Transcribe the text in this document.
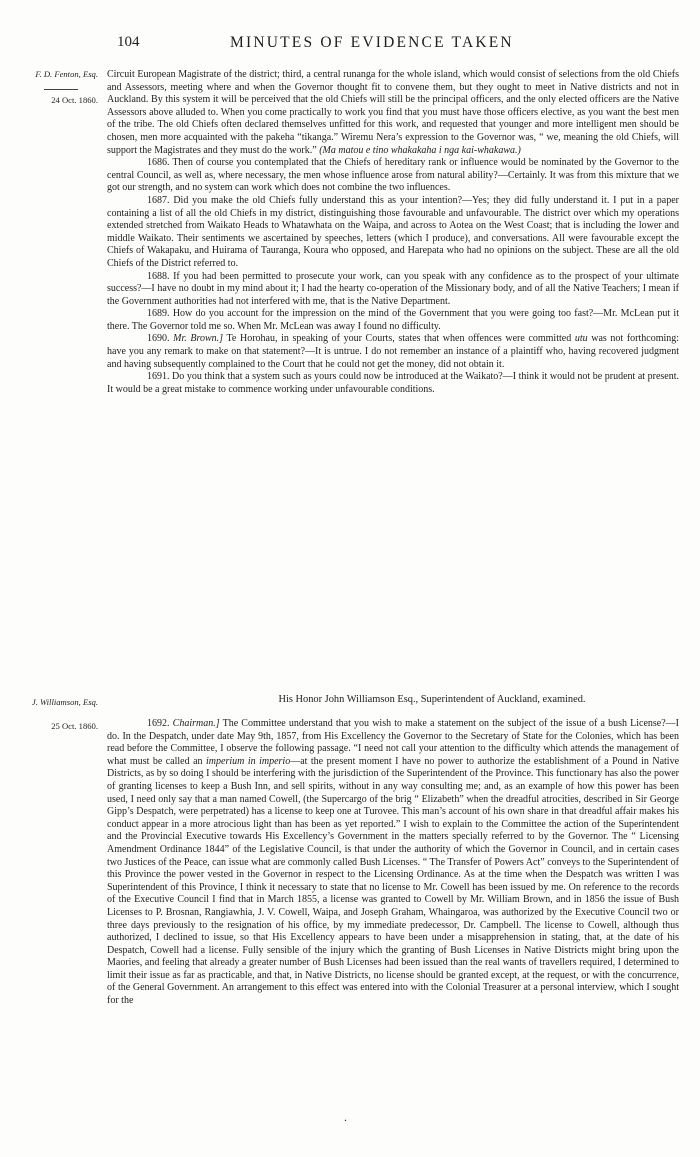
104	MINUTES OF EVIDENCE TAKEN
F. D. Fenton, Esq.
24 Oct. 1860.

Circuit European Magistrate of the district; third, a central runanga for the whole island, which would consist of selections from the old Chiefs and Assessors, meeting where and when the Governor thought fit to convene them, but they ought to meet in Native districts and not in Auckland. By this system it will be perceived that the old Chiefs will still be the principal officers, and the only elected officers are the Native Assessors above alluded to. When you come practically to work you find that you must have those officers elective, as you want the best men of the tribe. The old Chiefs often declared themselves unfitted for this work, and requested that younger and more intelligent men should be chosen, men more acquainted with the pakeha “tikanga.” Wiremu Nera’s expression to the Governor was, “ we, meaning the old Chiefs, will support the Magistrates and they must do the work.” (Ma matou e tino whakakaha i nga kai-whakawa.)

1686. Then of course you contemplated that the Chiefs of hereditary rank or influence would be nominated by the Governor to the central Council, as well as, where necessary, the men whose influence arose from natural ability?—Certainly. It was from this mixture that we got our strength, and no system can work which does not combine the two influences.

1687. Did you make the old Chiefs fully understand this as your intention?—Yes; they did fully understand it. I put in a paper containing a list of all the old Chiefs in my district, distinguishing those favourable and unfavourable. The district over which my operations extended stretched from Waikato Heads to Whatawhata on the Waipa, and across to Aotea on the West Coast; that is including the lower and middle Waikato. Their sentiments we ascertained by speeches, letters (which I produce), and conversations. All were favourable except the Chiefs of Wakapaku, and Huirama of Tauranga, Koura who opposed, and Harepata who had no opinions on the subject. These are all the old Chiefs of the District referred to.

1688. If you had been permitted to prosecute your work, can you speak with any confidence as to the prospect of your ultimate success?—I have no doubt in my mind about it; I had the hearty co-operation of the Missionary body, and of all the Native Teachers; I mean if the Government authorities had not interfered with me, that is the Native Department.

1689. How do you account for the impression on the mind of the Government that you were going too fast?—Mr. McLean put it there. The Governor told me so. When Mr. McLean was away I found no difficulty.

1690. Mr. Brown.] Te Horohau, in speaking of your Courts, states that when offences were committed utu was not forthcoming: have you any remark to make on that statement?—It is untrue. I do not remember an instance of a plaintiff who, having recovered judgment and having subsequently complained to the Court that he could not get the money, did not obtain it.

1691. Do you think that a system such as yours could now be introduced at the Waikato?—I think it would not be prudent at present. It would be a great mistake to commence working under unfavourable conditions.

J. Williamson, Esq.	His Honor John Williamson Esq., Superintendent of Auckland, examined.
25 Oct. 1860.	1692. Chairman.] The Committee understand that you wish to make a statement on the subject of the issue of a bush License?—I do. In the Despatch, under date May 9th, 1857, from His Excellency the Governor to the Secretary of State for the Colonies, which has been read before the Committee, I observe the following passage. “I need not call your attention to the difficulty which attends the management of what must be called an imperium in imperio—at the present moment I have no power to authorize the establishment of a Pound in Native Districts, as by so doing I should be interfering with the jurisdiction of the Superintendent of the Province. This functionary has also the power of granting licenses to keep a Bush Inn, and sell spirits, without in any way consulting me; and, as an example of how this power has been used, I need only say that a man named Cowell, (the Supercargo of the brig “ Elizabeth” when the dreadful atrocities, described in Sir George Gipp’s Despatch, were perpetrated) has a license to keep one at Turovee. This man’s account of his own share in that dreadful affair makes his conduct appear in a more atrocious light than has been as yet reported.” I wish to explain to the Committee the action of the Superintendent and the Provincial Executive towards His Excellency’s Government in the matters specially referred to by the Governor. The “ Licensing Amendment Ordinance 1844” of the Legislative Council, is that under the authority of which the Governor in Council, and in certain cases two Justices of the Peace, can issue what are commonly called Bush Licenses. “ The Transfer of Powers Act” conveys to the Superintendent of this Province the power vested in the Governor in respect to the Licensing Ordinance. As at the time when the Despatch was written I was Superintendent of this Province, I think it necessary to state that no license to Mr. Cowell has been issued by me. On reference to the records of the Executive Council I find that in March 1855, a license was granted to Cowell by Mr. William Brown, and in 1856 the issue of Bush Licenses to P. Brosnan, Rangiawhia, J. V. Cowell, Waipa, and Joseph Graham, Whaingaroa, was authorized by the Executive Council two or three days previously to the resignation of his office, by my immediate predecessor, Dr. Campbell. The license to Cowell, although thus authorized, I declined to issue, so that His Excellency appears to have been under a misapprehension in stating, that, at the date of his Despatch, Cowell had a license. Fully sensible of the injury which the granting of Bush Licenses in Native Districts might bring upon the Maories, and feeling that already a greater number of Bush Licenses had been issued than the real wants of travellers required, I determined to limit their issue as far as practicable, and that, in Native Districts, no license should be granted except, at the request, or with the concurrence, of the General Government. An arrangement to this effect was entered into with the Colonial Treasurer at a personal interview, which I sought for the

.
